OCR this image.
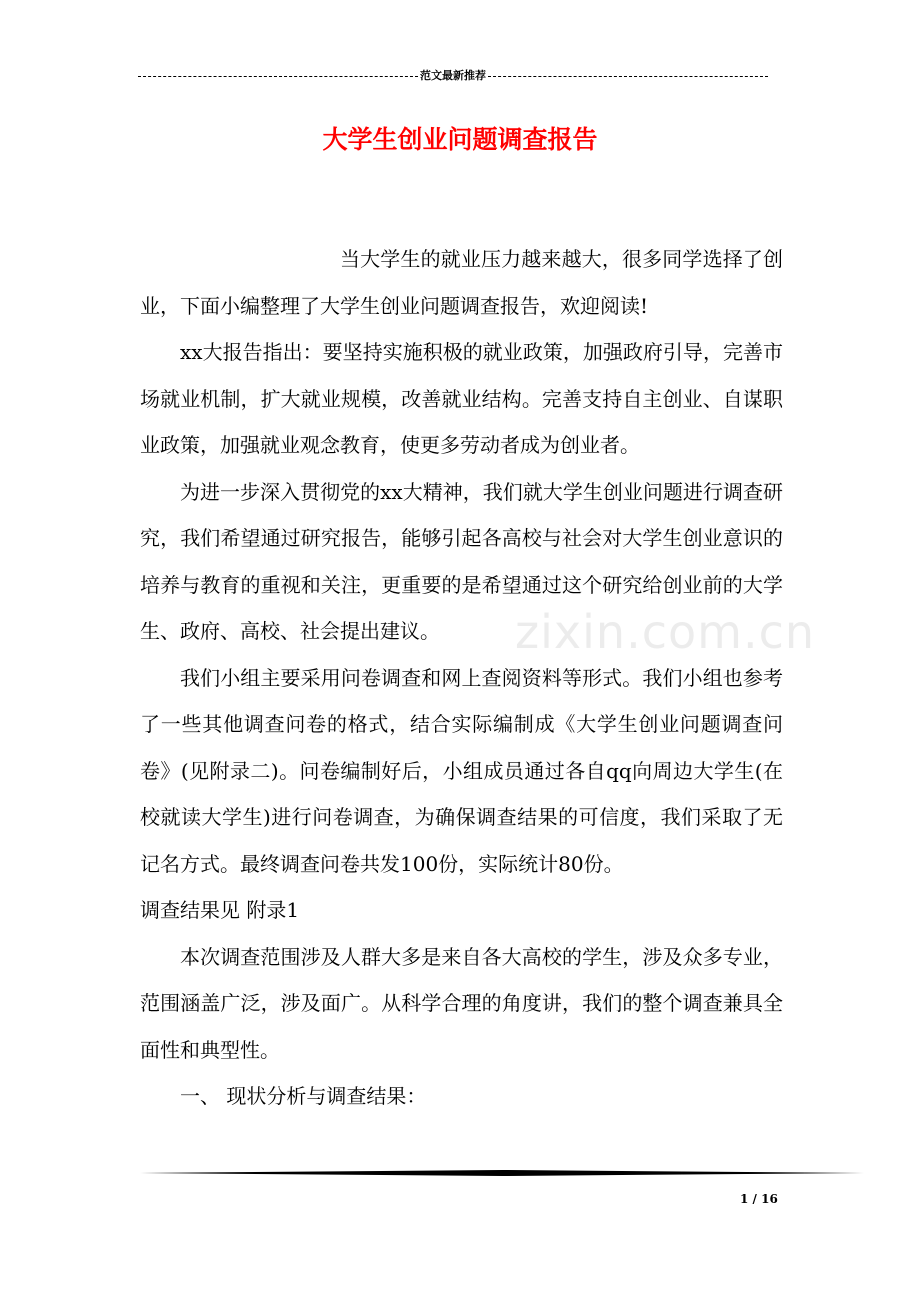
范文最新推荐
大学生创业问题调查报告
zixin.com.cn

当大学生的就业压力越来越大，很多同学选择了创业，下面小编整理了大学生创业问题调查报告，欢迎阅读!

xx大报告指出：要坚持实施积极的就业政策，加强政府引导，完善市场就业机制，扩大就业规模，改善就业结构。完善支持自主创业、自谋职业政策，加强就业观念教育，使更多劳动者成为创业者。

为进一步深入贯彻党的xx大精神，我们就大学生创业问题进行调查研究，我们希望通过研究报告，能够引起各高校与社会对大学生创业意识的培养与教育的重视和关注，更重要的是希望通过这个研究给创业前的大学生、政府、高校、社会提出建议。

我们小组主要采用问卷调查和网上查阅资料等形式。我们小组也参考了一些其他调查问卷的格式，结合实际编制成《大学生创业问题调查问卷》(见附录二)。问卷编制好后，小组成员通过各自qq向周边大学生(在校就读大学生)进行问卷调查，为确保调查结果的可信度，我们采取了无记名方式。最终调查问卷共发100份，实际统计80份。

调查结果见 附录1

本次调查范围涉及人群大多是来自各大高校的学生，涉及众多专业，范围涵盖广泛，涉及面广。从科学合理的角度讲，我们的整个调查兼具全面性和典型性。

一、 现状分析与调查结果：

1 / 16
